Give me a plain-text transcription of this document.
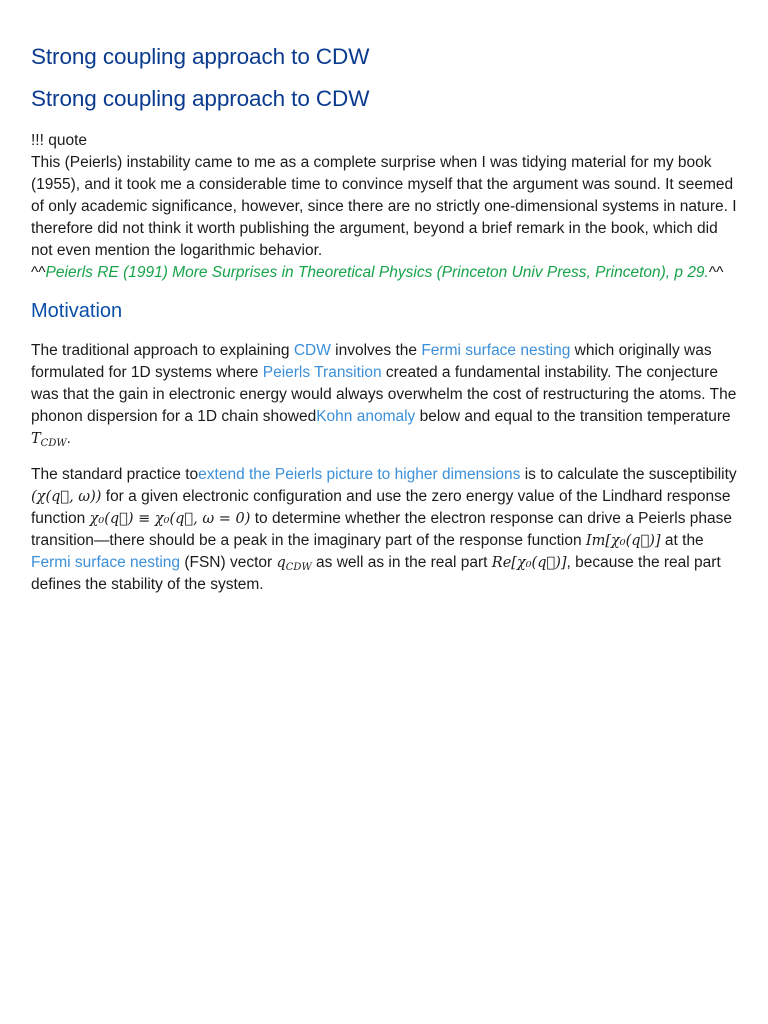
Strong coupling approach to CDW
Strong coupling approach to CDW
!!! quote
This (Peierls) instability came to me as a complete surprise when I was tidying material for my book (1955), and it took me a considerable time to convince myself that the argument was sound. It seemed of only academic significance, however, since there are no strictly one-dimensional systems in nature. I therefore did not think it worth publishing the argument, beyond a brief remark in the book, which did not even mention the logarithmic behavior.
^^Peierls RE (1991) More Surprises in Theoretical Physics (Princeton Univ Press, Princeton), p 29.^^
Motivation

The traditional approach to explaining CDW involves the Fermi surface nesting which originally was formulated for 1D systems where Peierls Transition created a fundamental instability. The conjecture was that the gain in electronic energy would always overwhelm the cost of restructuring the atoms. The phonon dispersion for a 1D chain showedKohn anomaly below and equal to the transition temperature $T_{CDW}$.

The standard practice toextend the Peierls picture to higher dimensions is to calculate the susceptibility (χ(q⃗, ω)) for a given electronic configuration and use the zero energy value of the Lindhard response function χ₀(q⃗) ≡ χ₀(q⃗, ω = 0) to determine whether the electron response can drive a Peierls phase transition—there should be a peak in the imaginary part of the response function Im[χ₀(q⃗)] at the Fermi surface nesting (FSN) vector $q_{CDW}$ as well as in the real part Re[χ₀(q⃗)], because the real part defines the stability of the system.
